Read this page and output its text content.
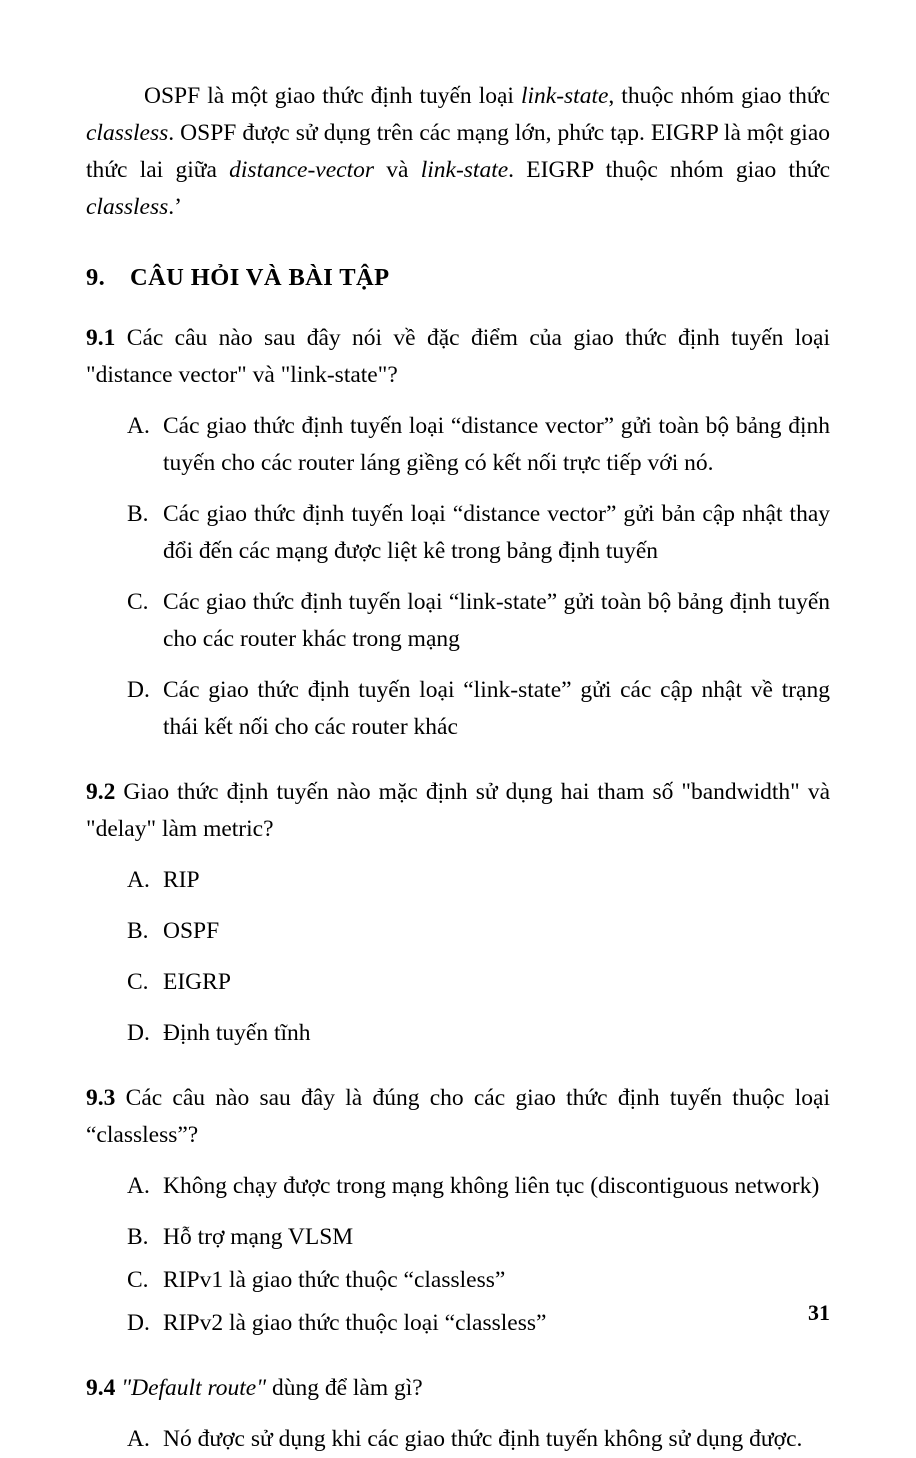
OSPF là một giao thức định tuyến loại link-state, thuộc nhóm giao thức classless. OSPF được sử dụng trên các mạng lớn, phức tạp. EIGRP là một giao thức lai giữa distance-vector và link-state. EIGRP thuộc nhóm giao thức classless.’

9.	CÂU HỎI VÀ BÀI TẬP

9.1 Các câu nào sau đây nói về đặc điểm của giao thức định tuyến loại "distance vector" và "link-state"?

A. Các giao thức định tuyến loại “distance vector” gửi toàn bộ bảng định tuyến cho các router láng giềng có kết nối trực tiếp với nó.
B. Các giao thức định tuyến loại “distance vector” gửi bản cập nhật thay đổi đến các mạng được liệt kê trong bảng định tuyến
C. Các giao thức định tuyến loại “link-state” gửi toàn bộ bảng định tuyến cho các router khác trong mạng
D. Các giao thức định tuyến loại “link-state” gửi các cập nhật về trạng thái kết nối cho các router khác

9.2 Giao thức định tuyến nào mặc định sử dụng hai tham số "bandwidth" và "delay" làm metric?

A. RIP
B. OSPF
C. EIGRP
D. Định tuyến tĩnh

9.3 Các câu nào sau đây là đúng cho các giao thức định tuyến thuộc loại “classless”?

A. Không chạy được trong mạng không liên tục (discontiguous network)
B. Hỗ trợ mạng VLSM
C. RIPv1 là giao thức thuộc “classless”
D. RIPv2 là giao thức thuộc loại “classless”

9.4 "Default route" dùng để làm gì?

A. Nó được sử dụng khi các giao thức định tuyến không sử dụng được.
31
